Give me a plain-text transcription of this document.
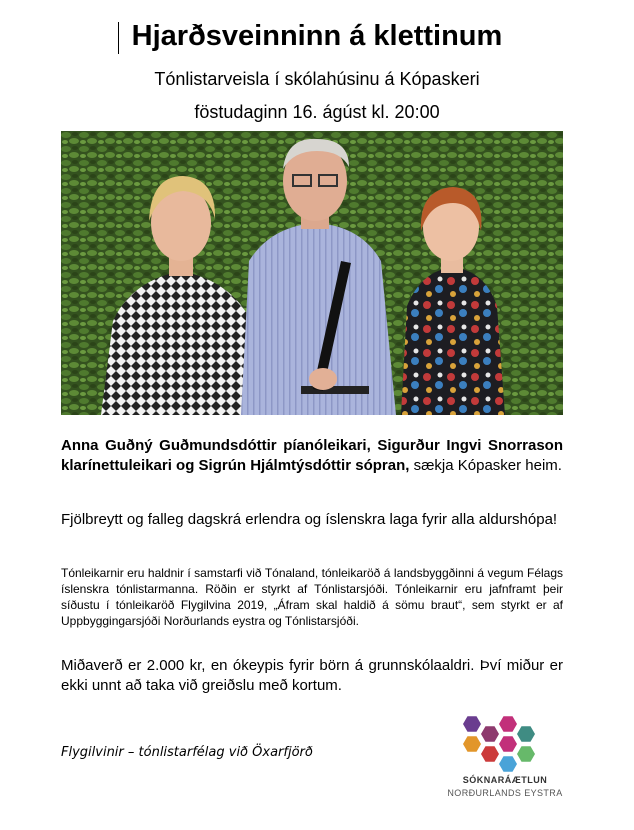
Hjarðsveinninn á klettinum
Tónlistarveisla í skólahúsinu á Kópaskeri
föstudaginn 16. ágúst kl. 20:00
Anna Guðný Guðmundsdóttir píanóleikari, Sigurður Ingvi Snorrason klarínettuleikari og Sigrún Hjálmtýsdóttir sópran, sækja Kópasker heim.
Fjölbreytt og falleg dagskrá erlendra og íslenskra laga fyrir alla aldurshópa!
Tónleikarnir eru haldnir í samstarfi við Tónaland, tónleikaröð á landsbyggðinni á vegum Félags íslenskra tónlistarmanna. Röðin er styrkt af Tónlistarsjóði. Tónleikarnir eru jafnframt þeir síðustu í tónleikaröð Flygilvina 2019, „Áfram skal haldið á sömu braut“, sem styrkt er af Uppbyggingarsjóði Norðurlands eystra og Tónlistarsjóði.
Miðaverð er 2.000 kr, en ókeypis fyrir börn á grunnskólaaldri. Því miður er ekki unnt að taka við greiðslu með kortum.
Flygilvinir – tónlistarfélag við Öxarfjörð
SÓKNARÁÆTLUN
NORÐURLANDS EYSTRA
